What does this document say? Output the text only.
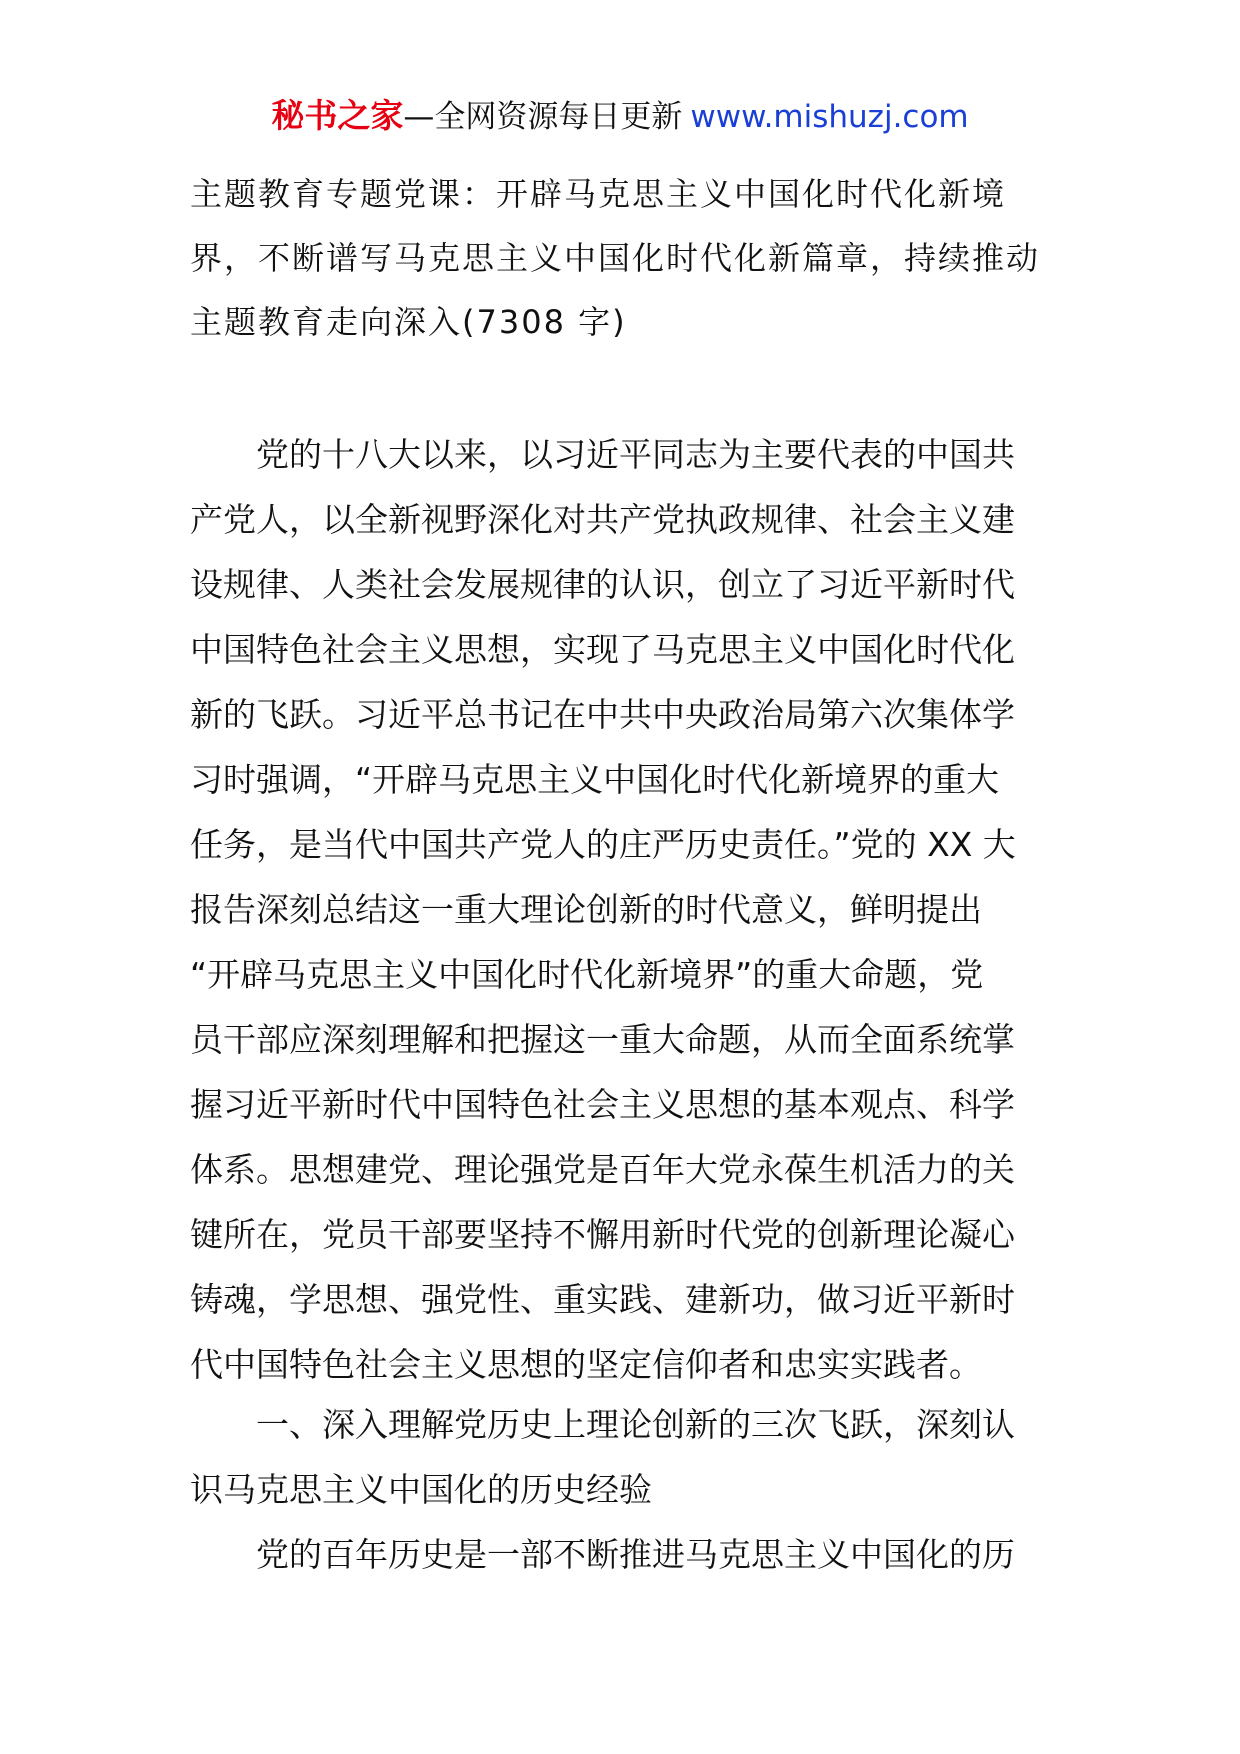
秘书之家—全网资源每日更新 www.mishuzj.com
主题教育专题党课：开辟马克思主义中国化时代化新境
界，不断谱写马克思主义中国化时代化新篇章，持续推动
主题教育走向深入(7308 字)
　　党的十八大以来，以习近平同志为主要代表的中国共
产党人，以全新视野深化对共产党执政规律、社会主义建
设规律、人类社会发展规律的认识，创立了习近平新时代
中国特色社会主义思想，实现了马克思主义中国化时代化
新的飞跃。习近平总书记在中共中央政治局第六次集体学
习时强调，“开辟马克思主义中国化时代化新境界的重大
任务，是当代中国共产党人的庄严历史责任。”党的 XX 大
报告深刻总结这一重大理论创新的时代意义，鲜明提出
“开辟马克思主义中国化时代化新境界”的重大命题，党
员干部应深刻理解和把握这一重大命题，从而全面系统掌
握习近平新时代中国特色社会主义思想的基本观点、科学
体系。思想建党、理论强党是百年大党永葆生机活力的关
键所在，党员干部要坚持不懈用新时代党的创新理论凝心
铸魂，学思想、强党性、重实践、建新功，做习近平新时
代中国特色社会主义思想的坚定信仰者和忠实实践者。
　　一、深入理解党历史上理论创新的三次飞跃，深刻认
识马克思主义中国化的历史经验
　　党的百年历史是一部不断推进马克思主义中国化的历
